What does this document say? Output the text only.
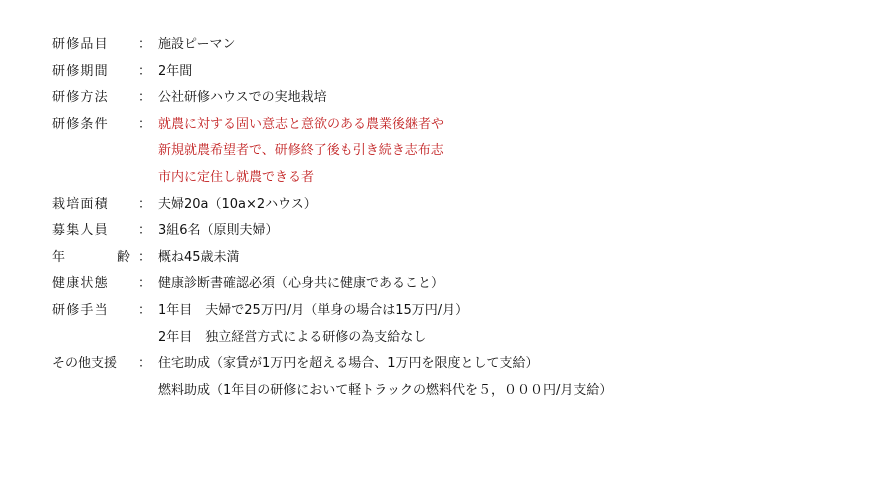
研修品目	： 施設ピーマン
研修期間	： 2年間
研修方法	： 公社研修ハウスでの実地栽培
研修条件	： 就農に対する固い意志と意欲のある農業後継者や
新規就農希望者で、研修終了後も引き続き志布志
市内に定住し就農できる者
栽培面積	： 夫婦20a（10a×2ハウス）
募集人員	： 3組6名（原則夫婦）
年	齢 ： 概ね45歳未満
健康状態	： 健康診断書確認必須（心身共に健康であること）
研修手当	： 1年目　夫婦で25万円/月（単身の場合は15万円/月）
2年目　独立経営方式による研修の為支給なし
その他支援	： 住宅助成（家賃が1万円を超える場合、1万円を限度として支給）
燃料助成（1年目の研修において軽トラックの燃料代を５，０００円/月支給）
